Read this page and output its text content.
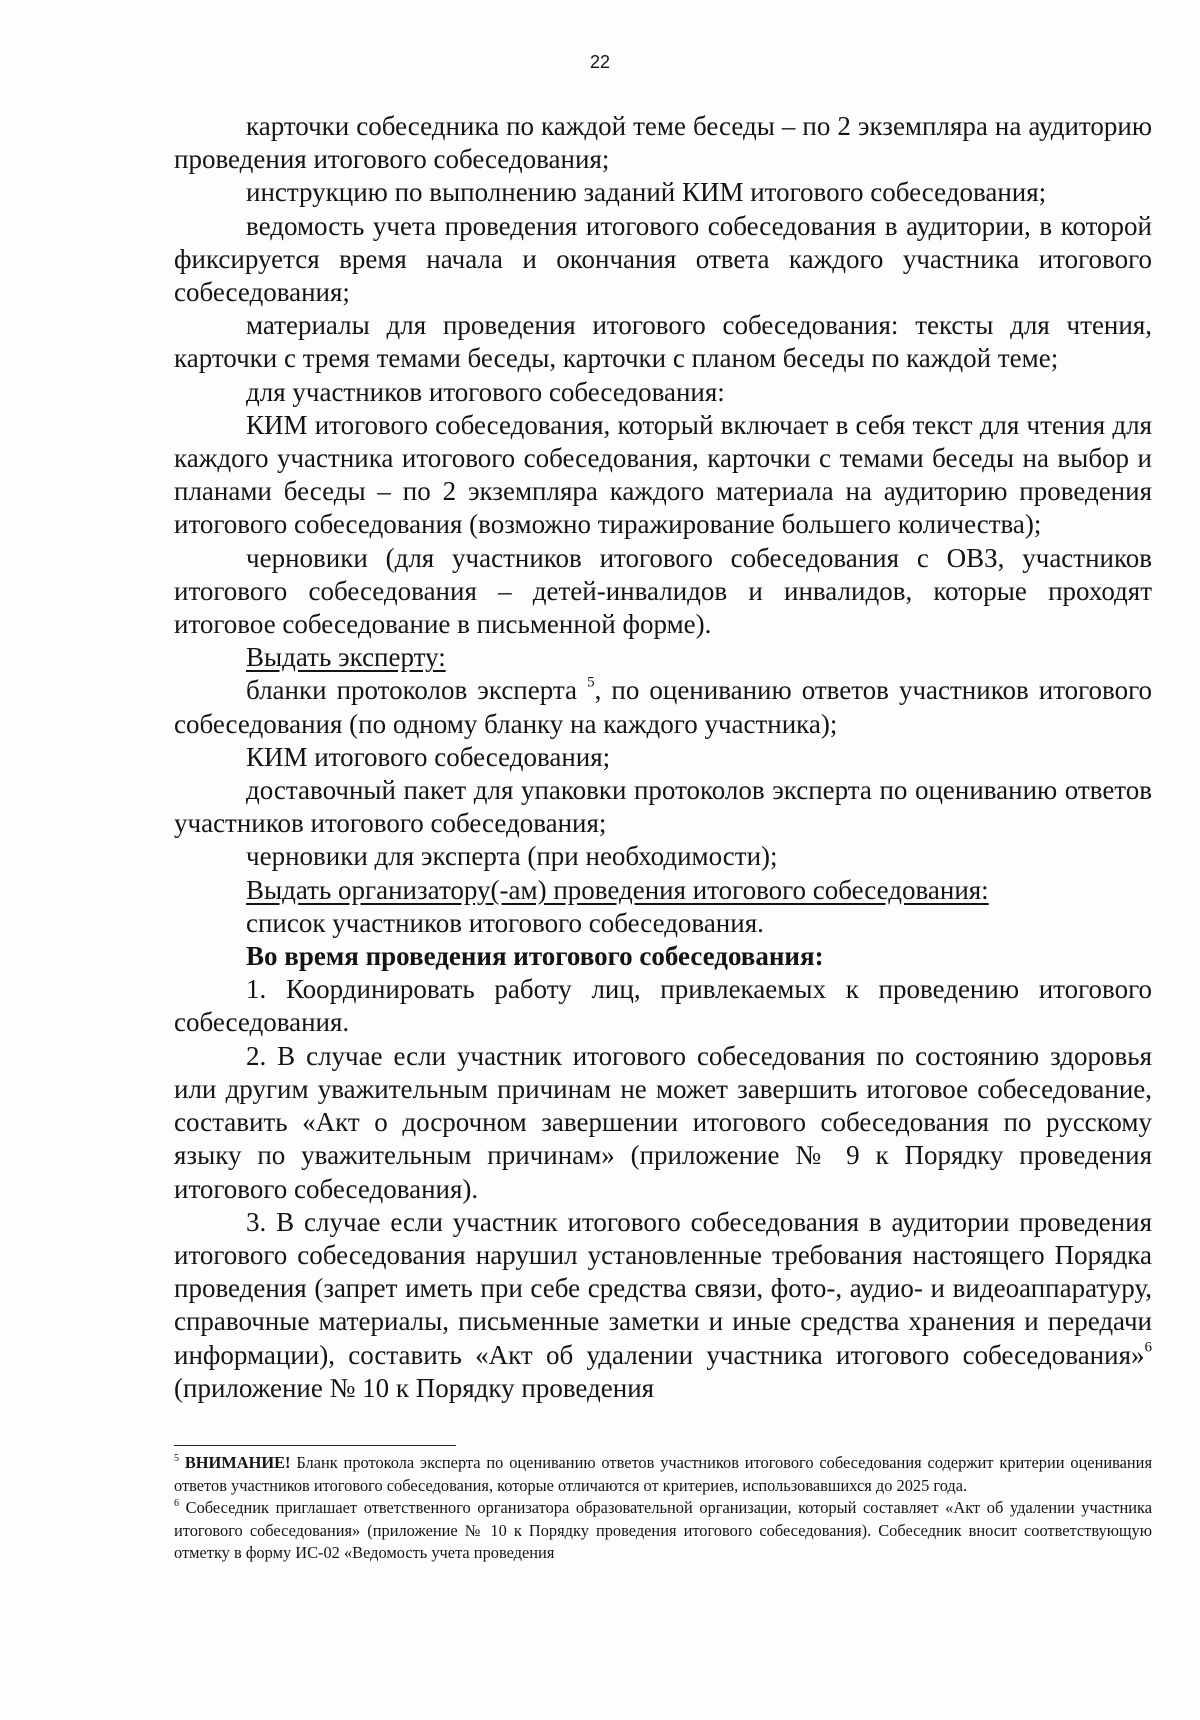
22

карточки собеседника по каждой теме беседы – по 2 экземпляра на аудиторию проведения итогового собеседования;

инструкцию по выполнению заданий КИМ итогового собеседования;

ведомость учета проведения итогового собеседования в аудитории, в которой фиксируется время начала и окончания ответа каждого участника итогового собеседования;

материалы для проведения итогового собеседования: тексты для чтения, карточки с тремя темами беседы, карточки с планом беседы по каждой теме;

для участников итогового собеседования:

КИМ итогового собеседования, который включает в себя текст для чтения для каждого участника итогового собеседования, карточки с темами беседы на выбор и планами беседы – по 2 экземпляра каждого материала на аудиторию проведения итогового собеседования (возможно тиражирование большего количества);

черновики (для участников итогового собеседования с ОВЗ, участников итогового собеседования – детей-инвалидов и инвалидов, которые проходят итоговое собеседование в письменной форме).

Выдать эксперту:

бланки протоколов эксперта $^5$, по оцениванию ответов участников итогового собеседования (по одному бланку на каждого участника);

КИМ итогового собеседования;

доставочный пакет для упаковки протоколов эксперта по оцениванию ответов участников итогового собеседования;

черновики для эксперта (при необходимости);

Выдать организатору(-ам) проведения итогового собеседования:

список участников итогового собеседования.

Во время проведения итогового собеседования:

1. Координировать работу лиц, привлекаемых к проведению итогового собеседования.

2. В случае если участник итогового собеседования по состоянию здоровья или другим уважительным причинам не может завершить итоговое собеседование, составить «Акт о досрочном завершении итогового собеседования по русскому языку по уважительным причинам» (приложение № 9 к Порядку проведения итогового собеседования).

3. В случае если участник итогового собеседования в аудитории проведения итогового собеседования нарушил установленные требования настоящего Порядка проведения (запрет иметь при себе средства связи, фото-, аудио- и видеоаппаратуру, справочные материалы, письменные заметки и иные средства хранения и передачи информации), составить «Акт об удалении участника итогового собеседования»$^6$ (приложение № 10 к Порядку проведения

$^5$ ВНИМАНИЕ! Бланк протокола эксперта по оцениванию ответов участников итогового собеседования содержит критерии оценивания ответов участников итогового собеседования, которые отличаются от критериев, использовавшихся до 2025 года.

$^6$ Собеседник приглашает ответственного организатора образовательной организации, который составляет «Акт об удалении участника итогового собеседования» (приложение № 10 к Порядку проведения итогового собеседования). Собеседник вносит соответствующую отметку в форму ИС-02 «Ведомость учета проведения
